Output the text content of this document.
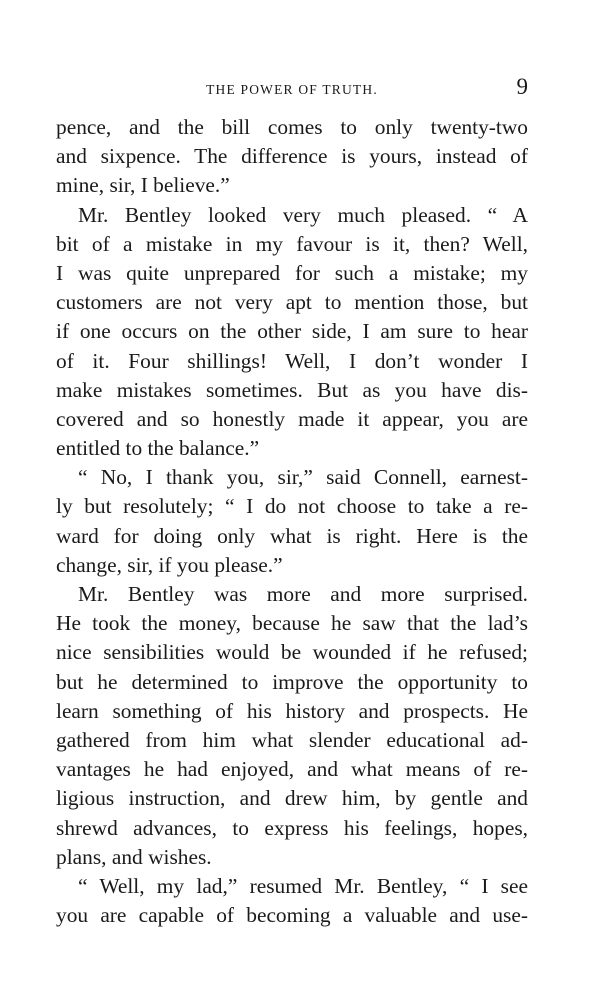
THE POWER OF TRUTH.	9
pence, and the bill comes to only twenty-two
and sixpence. The difference is yours, instead of
mine, sir, I believe.”
Mr. Bentley looked very much pleased. “ A
bit of a mistake in my favour is it, then? Well,
I was quite unprepared for such a mistake; my
customers are not very apt to mention those, but
if one occurs on the other side, I am sure to hear
of it. Four shillings! Well, I don’t wonder I
make mistakes sometimes. But as you have dis-
covered and so honestly made it appear, you are
entitled to the balance.”
“ No, I thank you, sir,” said Connell, earnest-
ly but resolutely; “ I do not choose to take a re-
ward for doing only what is right. Here is the
change, sir, if you please.”
Mr. Bentley was more and more surprised.
He took the money, because he saw that the lad’s
nice sensibilities would be wounded if he refused;
but he determined to improve the opportunity to
learn something of his history and prospects. He
gathered from him what slender educational ad-
vantages he had enjoyed, and what means of re-
ligious instruction, and drew him, by gentle and
shrewd advances, to express his feelings, hopes,
plans, and wishes.
“ Well, my lad,” resumed Mr. Bentley, “ I see
you are capable of becoming a valuable and use-
